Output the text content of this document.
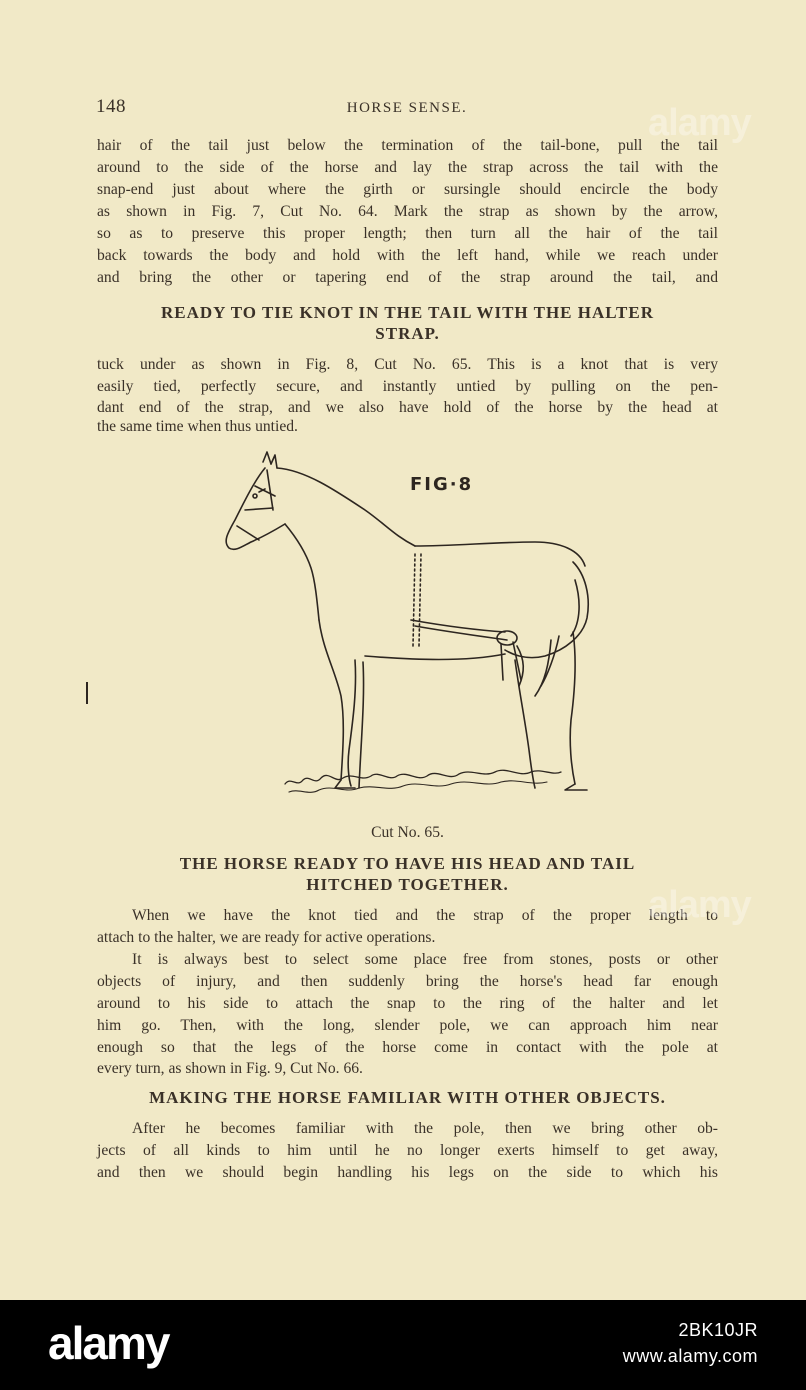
148	HORSE SENSE.

hair of the tail just below the termination of the tail-bone, pull the tail

around to the side of the horse and lay the strap across the tail with the

snap-end just about where the girth or sursingle should encircle the body

as shown in Fig. 7, Cut No. 64. Mark the strap as shown by the arrow,

so as to preserve this proper length; then turn all the hair of the tail

back towards the body and hold with the left hand, while we reach under

and bring the other or tapering end of the strap around the tail, and

READY TO TIE KNOT IN THE TAIL WITH THE HALTER
STRAP.

tuck under as shown in Fig. 8, Cut No. 65. This is a knot that is very

easily tied, perfectly secure, and instantly untied by pulling on the pen-

dant end of the strap, and we also have hold of the horse by the head at

the same time when thus untied.

FIG·8
Cut No. 65.
THE HORSE READY TO HAVE HIS HEAD AND TAIL
HITCHED TOGETHER.

When we have the knot tied and the strap of the proper length to

attach to the halter, we are ready for active operations.

It is always best to select some place free from stones, posts or other

objects of injury, and then suddenly bring the horse's head far enough

around to his side to attach the snap to the ring of the halter and let

him go. Then, with the long, slender pole, we can approach him near

enough so that the legs of the horse come in contact with the pole at

every turn, as shown in Fig. 9, Cut No. 66.

MAKING THE HORSE FAMILIAR WITH OTHER OBJECTS.

After he becomes familiar with the pole, then we bring other ob-

jects of all kinds to him until he no longer exerts himself to get away,

and then we should begin handling his legs on the side to which his

alamy
alamy
alamy	2BK10JR
www.alamy.com
